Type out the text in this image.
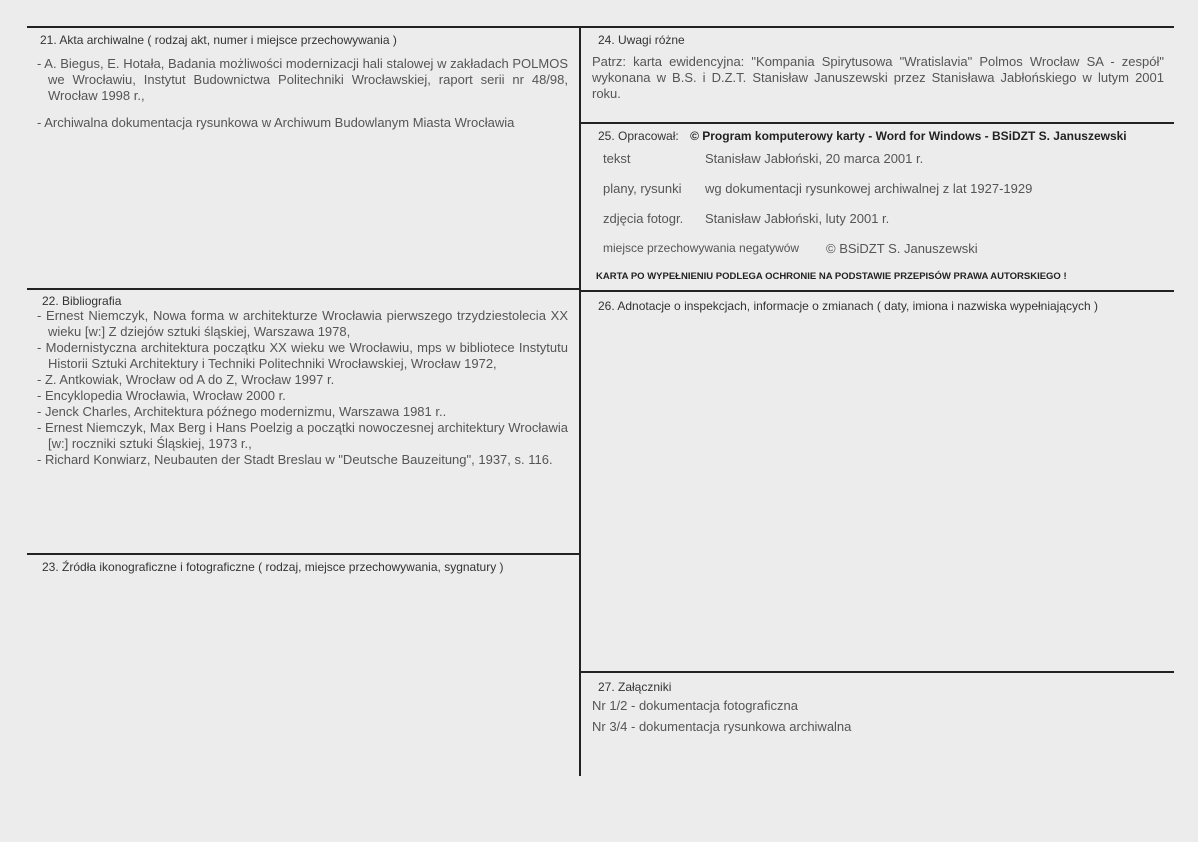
21. Akta archiwalne ( rodzaj akt, numer i miejsce przechowywania )
- A. Biegus, E. Hotała, Badania możliwości modernizacji hali stalowej w zakładach POLMOS we Wrocławiu, Instytut Budownictwa Politechniki Wrocławskiej, raport serii nr 48/98, Wrocław 1998 r.,
- Archiwalna dokumentacja rysunkowa w Archiwum Budowlanym Miasta Wrocławia
22. Bibliografia
- Ernest Niemczyk, Nowa forma w architekturze Wrocławia pierwszego trzydziestolecia XX wieku [w:] Z dziejów sztuki śląskiej, Warszawa 1978,
- Modernistyczna architektura początku XX wieku we Wrocławiu, mps w bibliotece Instytutu Historii Sztuki Architektury i Techniki Politechniki Wrocławskiej, Wrocław 1972,
- Z. Antkowiak, Wrocław od A do Z, Wrocław 1997 r.
- Encyklopedia Wrocławia, Wrocław 2000 r.
- Jenck Charles, Architektura późnego modernizmu, Warszawa 1981 r..
- Ernest Niemczyk, Max Berg i Hans Poelzig a początki nowoczesnej architektury Wrocławia [w:] roczniki sztuki Śląskiej, 1973 r.,
- Richard Konwiarz, Neubauten der Stadt Breslau w "Deutsche Bauzeitung", 1937, s. 116.
23. Źródła ikonograficzne i fotograficzne ( rodzaj, miejsce przechowywania, sygnatury )
24. Uwagi różne
Patrz: karta ewidencyjna: "Kompania Spirytusowa "Wratislavia" Polmos Wrocław SA - zespół" wykonana w B.S. i D.Z.T. Stanisław Januszewski przez Stanisława Jabłońskiego w lutym 2001 roku.
25. Opracował: © Program komputerowy karty - Word for Windows - BSiDZT S. Januszewski
tekst	Stanisław Jabłoński, 20 marca 2001 r.
plany, rysunki wg dokumentacji rysunkowej archiwalnej z lat 1927-1929
zdjęcia fotogr. Stanisław Jabłoński, luty 2001 r.
miejsce przechowywania negatywów © BSiDZT S. Januszewski
KARTA PO WYPEŁNIENIU PODLEGA OCHRONIE NA PODSTAWIE PRZEPISÓW PRAWA AUTORSKIEGO !
26. Adnotacje o inspekcjach, informacje o zmianach ( daty, imiona i nazwiska wypełniających )
27. Załączniki
Nr 1/2 - dokumentacja fotograficzna
Nr 3/4 - dokumentacja rysunkowa archiwalna
